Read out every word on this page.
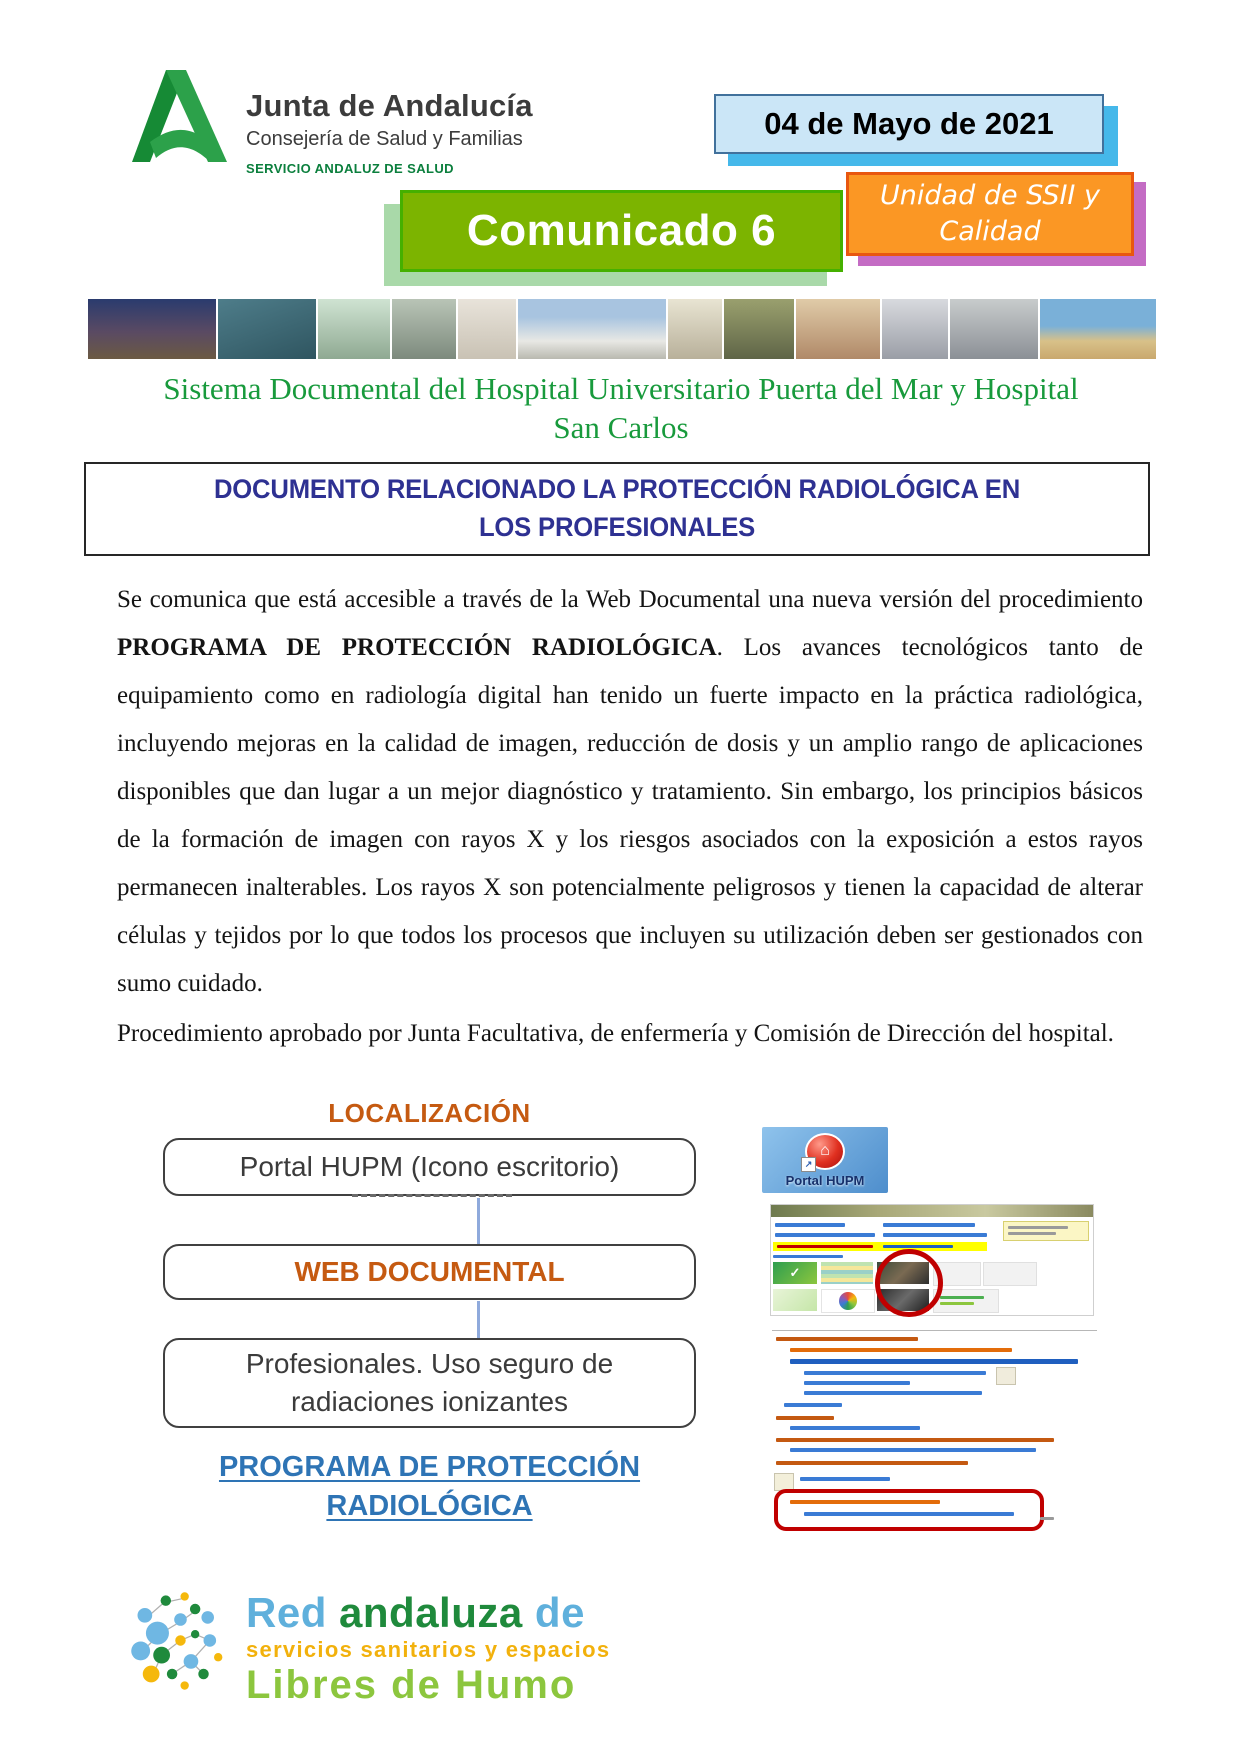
Junta de Andalucía
Consejería de Salud y Familias
SERVICIO ANDALUZ DE SALUD
04 de Mayo de 2021
Unidad de SSII y Calidad
Comunicado 6
Sistema Documental del Hospital Universitario Puerta del Mar y Hospital
San Carlos
DOCUMENTO RELACIONADO LA PROTECCIÓN RADIOLÓGICA EN LOS PROFESIONALES

Se comunica que está accesible a través de la Web Documental una nueva versión del procedimiento PROGRAMA DE PROTECCIÓN RADIOLÓGICA. Los avances tecnológicos tanto de equipamiento como en radiología digital han tenido un fuerte impacto en la práctica radiológica, incluyendo mejoras en la calidad de imagen, reducción de dosis y un amplio rango de aplicaciones disponibles que dan lugar a un mejor diagnóstico y tratamiento. Sin embargo, los principios básicos de la formación de imagen con rayos X y los riesgos asociados con la exposición a estos rayos permanecen inalterables. Los rayos X son potencialmente peligrosos y tienen la capacidad de alterar células y tejidos por lo que todos los procesos que incluyen su utilización deben ser gestionados con sumo cuidado.

Procedimiento aprobado por Junta Facultativa, de enfermería y Comisión de Dirección del hospital.

LOCALIZACIÓN
Portal HUPM (Icono escritorio)
WEB DOCUMENTAL
Profesionales. Uso seguro de radiaciones ionizantes
PROGRAMA DE PROTECCIÓN RADIOLÓGICA
⌂
↗
Portal HUPM
✓
Red andaluza de
servicios sanitarios y espacios
Libres de Humo
